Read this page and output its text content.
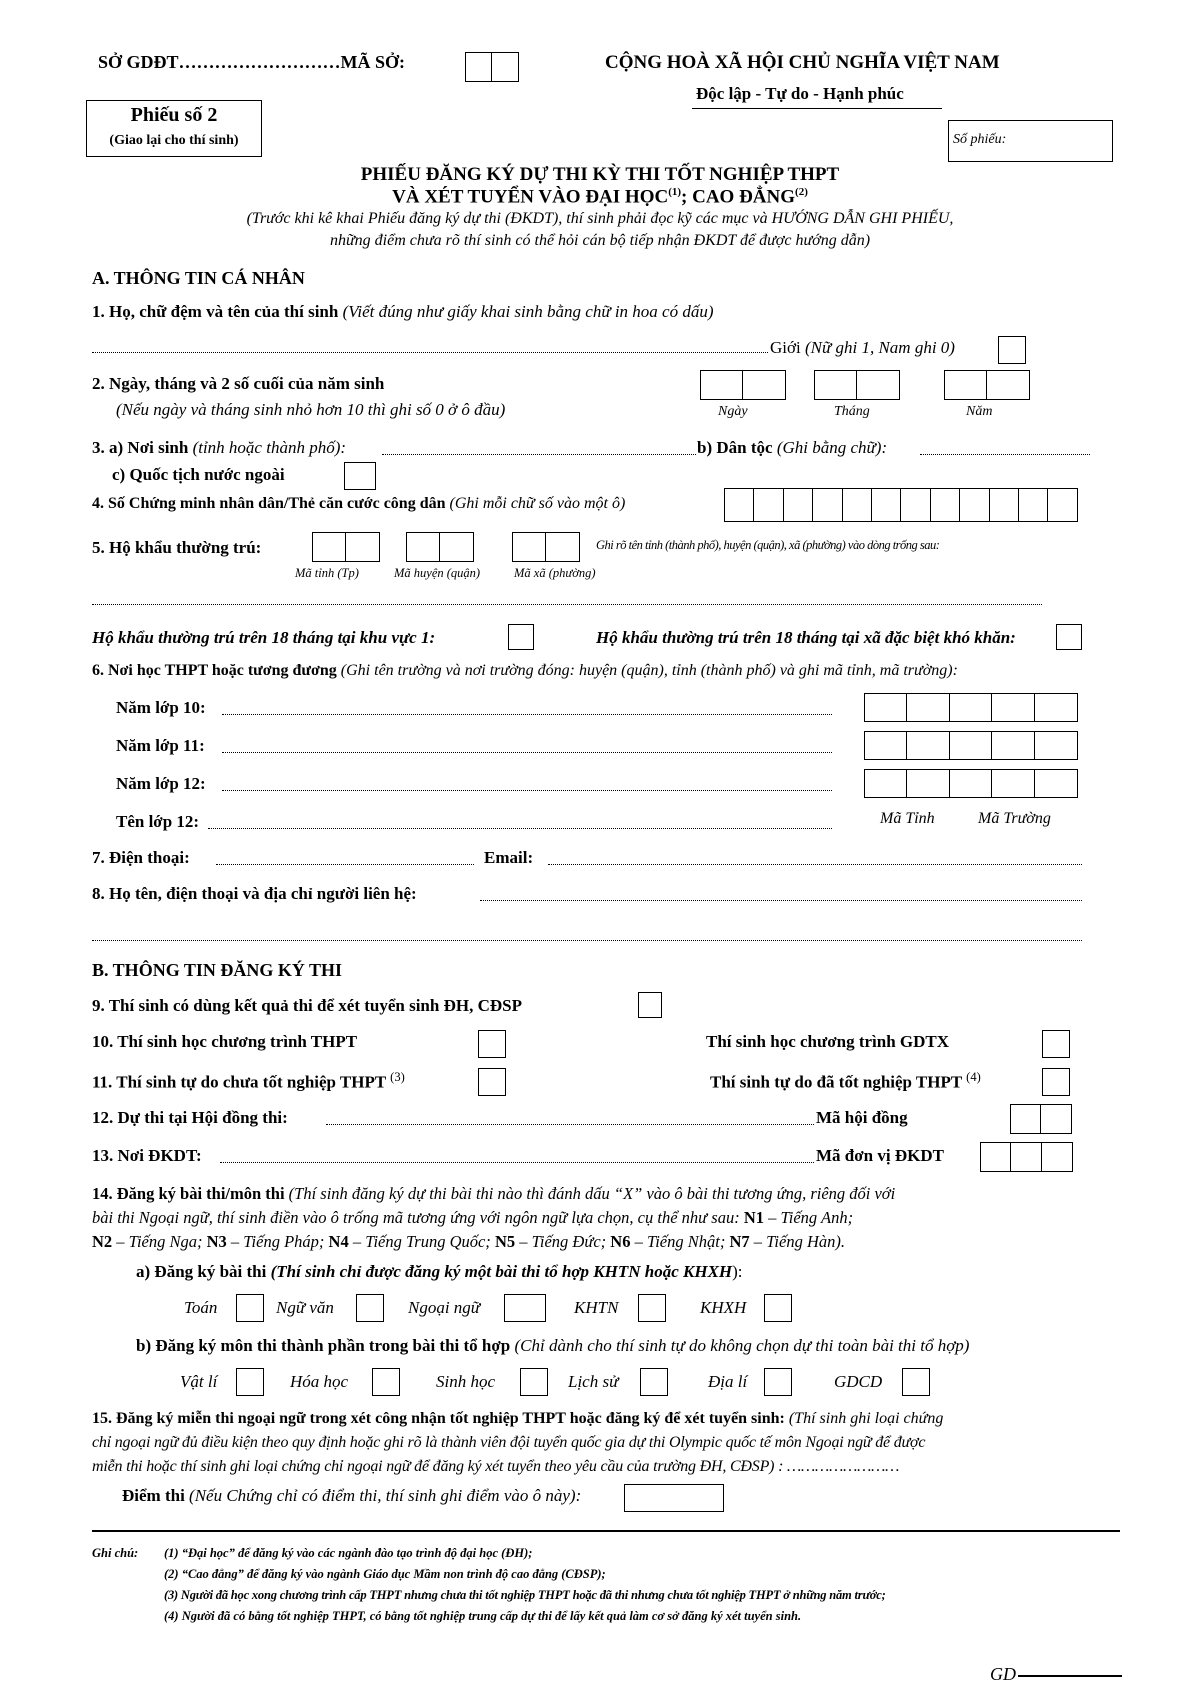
SỞ GDĐT………………………MÃ SỞ:	CỘNG HOÀ XÃ HỘI CHỦ NGHĨA VIỆT NAM
Độc lập - Tự do - Hạnh phúc
Phiếu số 2
(Giao lại cho thí sinh)	Số phiếu:
PHIẾU ĐĂNG KÝ DỰ THI KỲ THI TỐT NGHIỆP THPT
VÀ XÉT TUYỂN VÀO ĐẠI HỌC$^{(1)}$; CAO ĐẲNG$^{(2)}$
(Trước khi kê khai Phiếu đăng ký dự thi (ĐKDT), thí sinh phải đọc kỹ các mục và HƯỚNG DẪN GHI PHIẾU,
những điểm chưa rõ thí sinh có thể hỏi cán bộ tiếp nhận ĐKDT để được hướng dẫn)
A. THÔNG TIN CÁ NHÂN
1. Họ, chữ đệm và tên của thí sinh (Viết đúng như giấy khai sinh bằng chữ in hoa có dấu)
Giới (Nữ ghi 1, Nam ghi 0)
2. Ngày, tháng và 2 số cuối của năm sinh
(Nếu ngày và tháng sinh nhỏ hơn 10 thì ghi số 0 ở ô đầu)	Ngày	Tháng	Năm
3. a) Nơi sinh (tỉnh hoặc thành phố):	b) Dân tộc (Ghi bằng chữ):
c) Quốc tịch nước ngoài
4. Số Chứng minh nhân dân/Thẻ căn cước công dân (Ghi mỗi chữ số vào một ô)
5. Hộ khẩu thường trú:	Ghi rõ tên tỉnh (thành phố), huyện (quận), xã (phường) vào dòng trống sau:
Mã tỉnh (Tp)	Mã huyện (quận)	Mã xã (phường)
Hộ khẩu thường trú trên 18 tháng tại khu vực 1:	Hộ khẩu thường trú trên 18 tháng tại xã đặc biệt khó khăn:
6. Nơi học THPT hoặc tương đương (Ghi tên trường và nơi trường đóng: huyện (quận), tỉnh (thành phố) và ghi mã tỉnh, mã trường):
Năm lớp 10:
Năm lớp 11:
Năm lớp 12:
Tên lớp 12:	Mã Tỉnh	Mã Trường
7. Điện thoại:	Email:
8. Họ tên, điện thoại và địa chỉ người liên hệ:
B. THÔNG TIN ĐĂNG KÝ THI
9. Thí sinh có dùng kết quả thi để xét tuyển sinh ĐH, CĐSP
10. Thí sinh học chương trình THPT	Thí sinh học chương trình GDTX
11. Thí sinh tự do chưa tốt nghiệp THPT $^{(3)}$	Thí sinh tự do đã tốt nghiệp THPT $^{(4)}$
12. Dự thi tại Hội đồng thi:	Mã hội đồng
13. Nơi ĐKDT:	Mã đơn vị ĐKDT
14. Đăng ký bài thi/môn thi (Thí sinh đăng ký dự thi bài thi nào thì đánh dấu “X” vào ô bài thi tương ứng, riêng đối với
bài thi Ngoại ngữ, thí sinh điền vào ô trống mã tương ứng với ngôn ngữ lựa chọn, cụ thể như sau: N1 – Tiếng Anh;
N2 – Tiếng Nga; N3 – Tiếng Pháp; N4 – Tiếng Trung Quốc; N5 – Tiếng Đức; N6 – Tiếng Nhật; N7 – Tiếng Hàn).
a) Đăng ký bài thi (Thí sinh chỉ được đăng ký một bài thi tổ hợp KHTN hoặc KHXH):
Toán	Ngữ văn	Ngoại ngữ	KHTN	KHXH
b) Đăng ký môn thi thành phần trong bài thi tổ hợp (Chỉ dành cho thí sinh tự do không chọn dự thi toàn bài thi tổ hợp)
Vật lí	Hóa học	Sinh học	Lịch sử	Địa lí	GDCD
15. Đăng ký miễn thi ngoại ngữ trong xét công nhận tốt nghiệp THPT hoặc đăng ký để xét tuyển sinh: (Thí sinh ghi loại chứng
chỉ ngoại ngữ đủ điều kiện theo quy định hoặc ghi rõ là thành viên đội tuyển quốc gia dự thi Olympic quốc tế môn Ngoại ngữ để được
miễn thi hoặc thí sinh ghi loại chứng chỉ ngoại ngữ để đăng ký xét tuyển theo yêu cầu của trường ĐH, CĐSP) : ……………………
Điểm thi (Nếu Chứng chỉ có điểm thi, thí sinh ghi điểm vào ô này):
Ghi chú: (1) “Đại học” để đăng ký vào các ngành đào tạo trình độ đại học (ĐH);
(2) “Cao đẳng” để đăng ký vào ngành Giáo dục Mầm non trình độ cao đẳng (CĐSP);
(3) Người đã học xong chương trình cấp THPT nhưng chưa thi tốt nghiệp THPT hoặc đã thi nhưng chưa tốt nghiệp THPT ở những năm trước;
(4) Người đã có bằng tốt nghiệp THPT, có bằng tốt nghiệp trung cấp dự thi để lấy kết quả làm cơ sở đăng ký xét tuyển sinh.
GD
